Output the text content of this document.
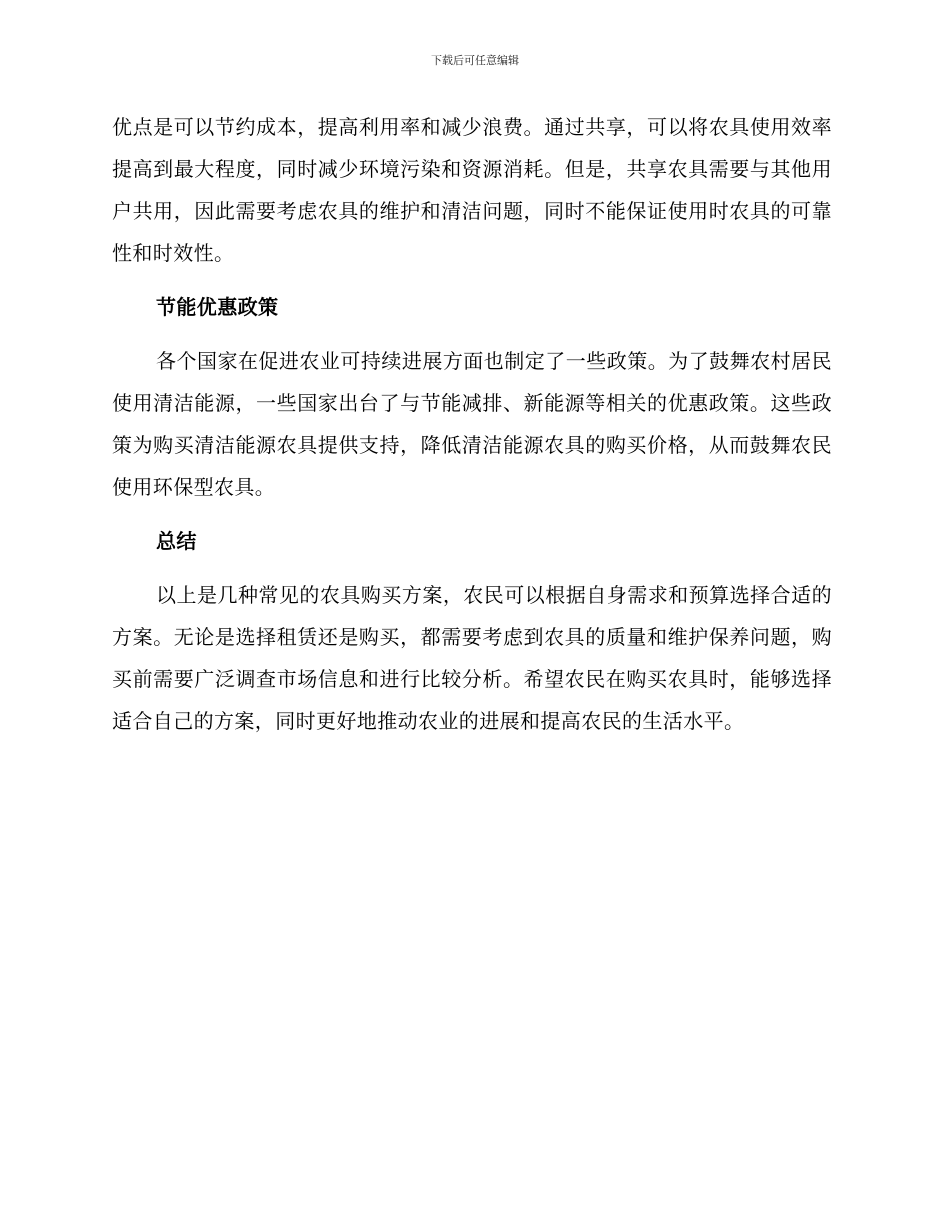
下载后可任意编辑

优点是可以节约成本，提高利用率和减少浪费。通过共享，可以将农具使用效率提高到最大程度，同时减少环境污染和资源消耗。但是，共享农具需要与其他用户共用，因此需要考虑农具的维护和清洁问题，同时不能保证使用时农具的可靠性和时效性。

节能优惠政策

各个国家在促进农业可持续进展方面也制定了一些政策。为了鼓舞农村居民使用清洁能源，一些国家出台了与节能减排、新能源等相关的优惠政策。这些政策为购买清洁能源农具提供支持，降低清洁能源农具的购买价格，从而鼓舞农民使用环保型农具。

总结

以上是几种常见的农具购买方案，农民可以根据自身需求和预算选择合适的方案。无论是选择租赁还是购买，都需要考虑到农具的质量和维护保养问题，购买前需要广泛调查市场信息和进行比较分析。希望农民在购买农具时，能够选择适合自己的方案，同时更好地推动农业的进展和提高农民的生活水平。
